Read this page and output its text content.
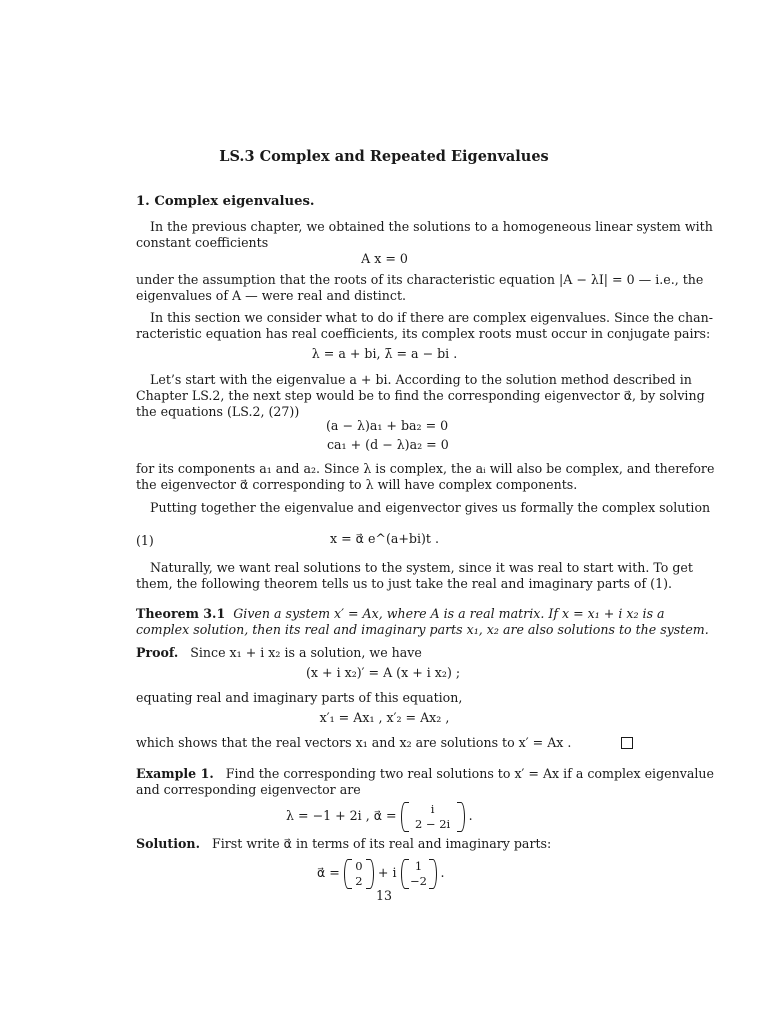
LS.3 Complex and Repeated Eigenvalues
1. Complex eigenvalues.
In the previous chapter, we obtained the solutions to a homogeneous linear system with
constant coefficients
A x = 0
under the assumption that the roots of its characteristic equation |A − λI| = 0 — i.e., the
eigenvalues of A — were real and distinct.
In this section we consider what to do if there are complex eigenvalues. Since the chan-
racteristic equation has real coefficients, its complex roots must occur in conjugate pairs:
λ = a + bi, λ̄ = a − bi .
Let’s start with the eigenvalue a + bi. According to the solution method described in
Chapter LS.2, the next step would be to find the corresponding eigenvector α⃗, by solving
the equations (LS.2, (27))
(a − λ)a₁ + ba₂ = 0
ca₁ + (d − λ)a₂ = 0
for its components a₁ and a₂. Since λ is complex, the aᵢ will also be complex, and therefore
the eigenvector α⃗ corresponding to λ will have complex components.
Putting together the eigenvalue and eigenvector gives us formally the complex solution
(1)	x = α⃗ e^(a+bi)t .
Naturally, we want real solutions to the system, since it was real to start with. To get
them, the following theorem tells us to just take the real and imaginary parts of (1).
Theorem 3.1 Given a system x′ = Ax, where A is a real matrix. If x = x₁ + i x₂ is a
complex solution, then its real and imaginary parts x₁, x₂ are also solutions to the system.
Proof. Since x₁ + i x₂ is a solution, we have
(x + i x₂)′ = A (x + i x₂) ;
equating real and imaginary parts of this equation,
x′₁ = Ax₁ , x′₂ = Ax₂ ,
which shows that the real vectors x₁ and x₂ are solutions to x′ = Ax .
Example 1. Find the corresponding two real solutions to x′ = Ax if a complex eigenvalue
and corresponding eigenvector are
λ = −1 + 2i , α⃗ =	i
2 − 2i
.
Solution. First write α⃗ in terms of its real and imaginary parts:
α⃗ = 0
2
+ i	1
−2
.
13
